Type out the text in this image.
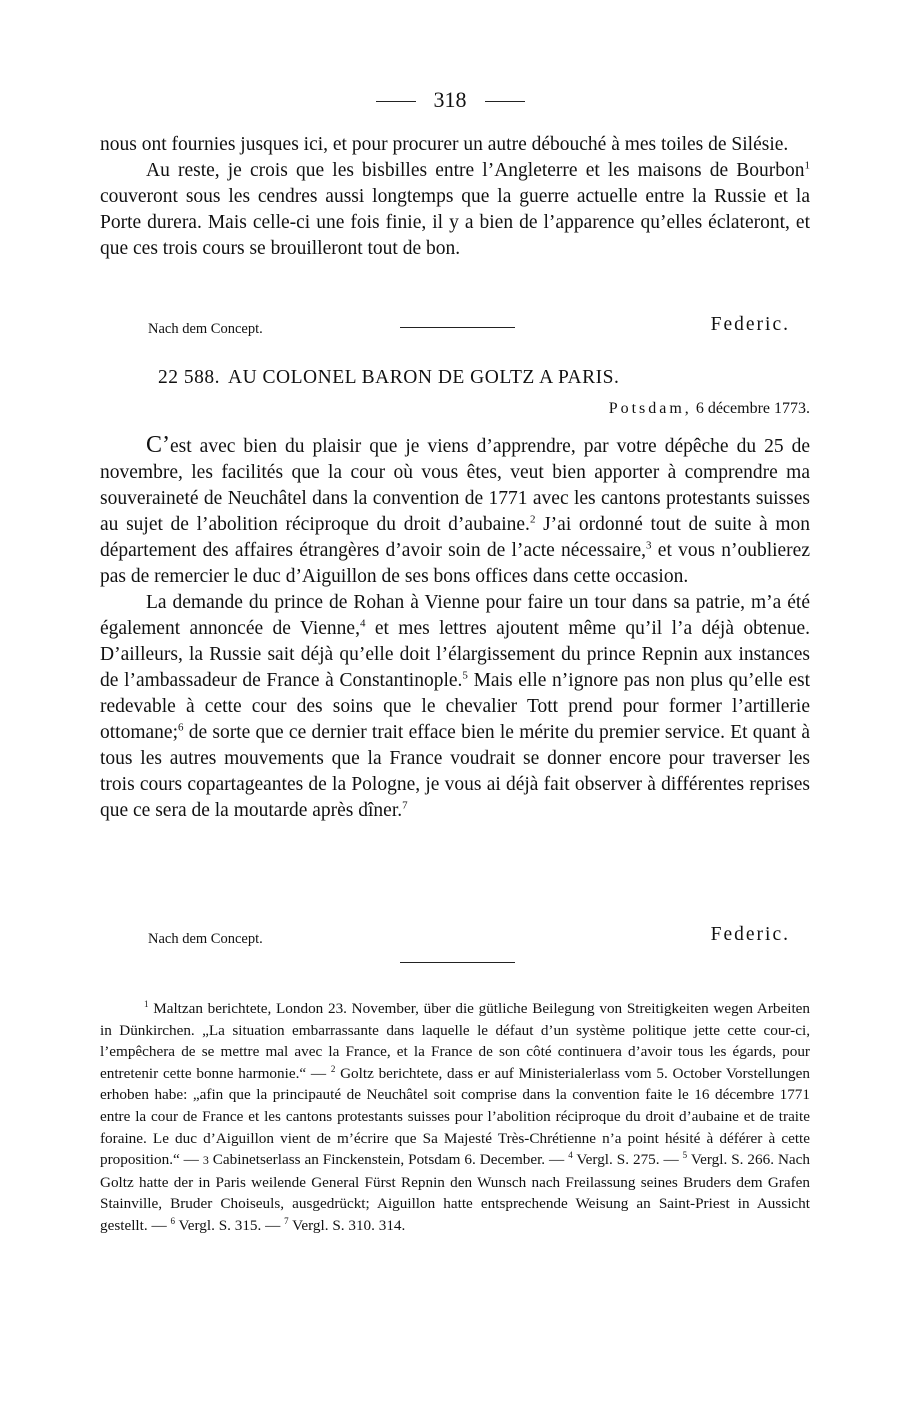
318

nous ont fournies jusques ici, et pour procurer un autre débouché à mes toiles de Silésie.

Au reste, je crois que les bisbilles entre l’Angleterre et les maisons de Bourbon$^1$ couveront sous les cendres aussi longtemps que la guerre actuelle entre la Russie et la Porte durera. Mais celle-ci une fois finie, il y a bien de l’apparence qu’elles éclateront, et que ces trois cours se brouilleront tout de bon.

Nach dem Concept.	Federic.
22 588. AU COLONEL BARON DE GOLTZ A PARIS.
Potsdam, 6 décembre 1773.

C’est avec bien du plaisir que je viens d’apprendre, par votre dépêche du 25 de novembre, les facilités que la cour où vous êtes, veut bien apporter à comprendre ma souveraineté de Neuchâtel dans la convention de 1771 avec les cantons protestants suisses au sujet de l’abolition réciproque du droit d’aubaine.$^2$ J’ai ordonné tout de suite à mon département des affaires étrangères d’avoir soin de l’acte nécessaire,$^3$ et vous n’oublierez pas de remercier le duc d’Aiguillon de ses bons offices dans cette occasion.

La demande du prince de Rohan à Vienne pour faire un tour dans sa patrie, m’a été également annoncée de Vienne,$^4$ et mes lettres ajoutent même qu’il l’a déjà obtenue. D’ailleurs, la Russie sait déjà qu’elle doit l’élargissement du prince Repnin aux instances de l’ambassadeur de France à Constantinople.$^5$ Mais elle n’ignore pas non plus qu’elle est redevable à cette cour des soins que le chevalier Tott prend pour former l’artillerie ottomane;$^6$ de sorte que ce dernier trait efface bien le mérite du premier service. Et quant à tous les autres mouvements que la France voudrait se donner encore pour traverser les trois cours copartageantes de la Pologne, je vous ai déjà fait observer à différentes reprises que ce sera de la moutarde après dîner.$^7$

Nach dem Concept.	Federic.

$^1$ Maltzan berichtete, London 23. November, über die gütliche Beilegung von Streitigkeiten wegen Arbeiten in Dünkirchen. „La situation embarrassante dans laquelle le défaut d’un système politique jette cette cour-ci, l’empêchera de se mettre mal avec la France, et la France de son côté continuera d’avoir tous les égards, pour entretenir cette bonne harmonie.“ — $^2$ Goltz berichtete, dass er auf Ministerialerlass vom 5. October Vorstellungen erhoben habe: „afin que la principauté de Neuchâtel soit comprise dans la convention faite le 16 décembre 1771 entre la cour de France et les cantons protestants suisses pour l’abolition réciproque du droit d’aubaine et de traite foraine. Le duc d’Aiguillon vient de m’écrire que Sa Majesté Très-Chrétienne n’a point hésité à déférer à cette proposition.“ — 3 Cabinetserlass an Finckenstein, Potsdam 6. December. — $^4$ Vergl. S. 275. — $^5$ Vergl. S. 266. Nach Goltz hatte der in Paris weilende General Fürst Repnin den Wunsch nach Freilassung seines Bruders dem Grafen Stainville, Bruder Choiseuls, ausgedrückt; Aiguillon hatte entsprechende Weisung an Saint-Priest in Aussicht gestellt. — $^6$ Vergl. S. 315. — $^7$ Vergl. S. 310. 314.
